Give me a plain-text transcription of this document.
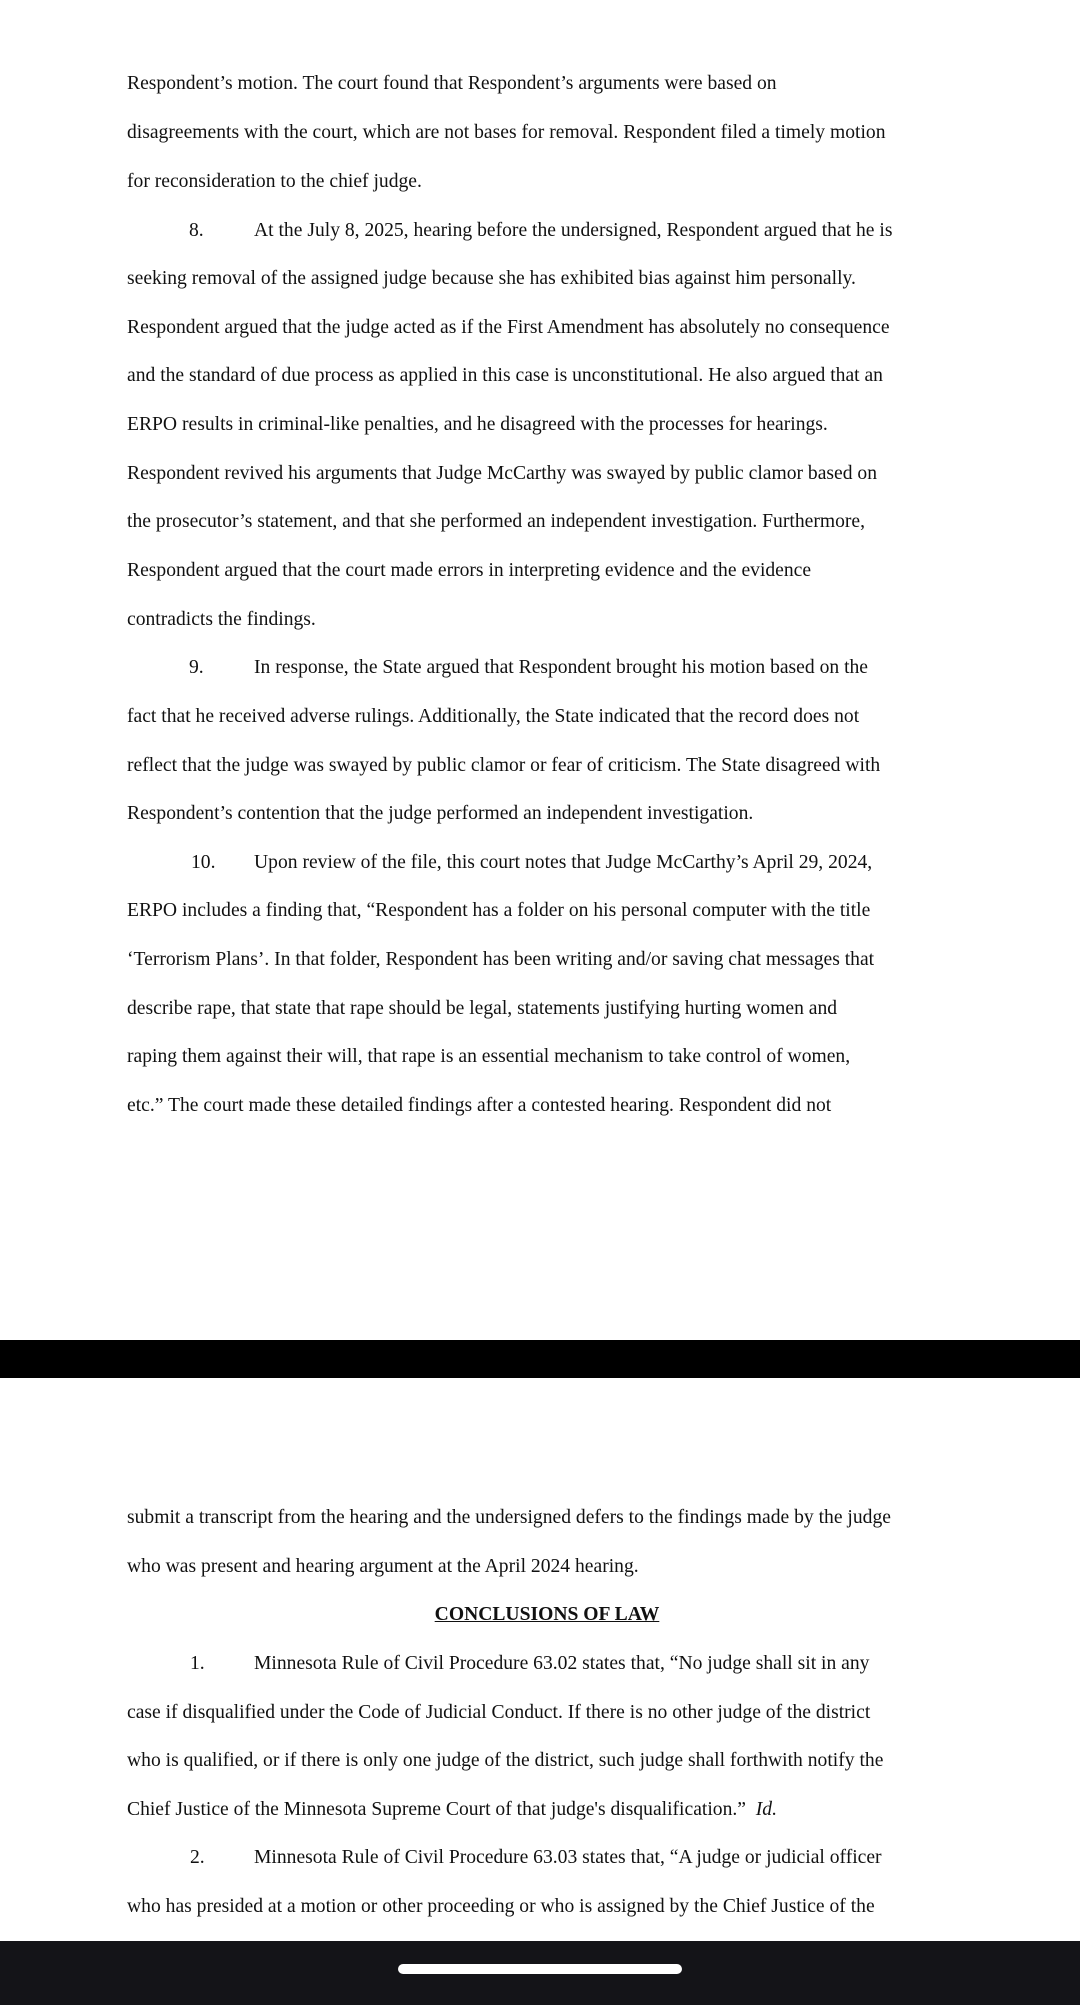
Respondent’s motion. The court found that Respondent’s arguments were based on
disagreements with the court, which are not bases for removal. Respondent filed a timely motion
for reconsideration to the chief judge.
8.	At the July 8, 2025, hearing before the undersigned, Respondent argued that he is
seeking removal of the assigned judge because she has exhibited bias against him personally.
Respondent argued that the judge acted as if the First Amendment has absolutely no consequence
and the standard of due process as applied in this case is unconstitutional. He also argued that an
ERPO results in criminal-like penalties, and he disagreed with the processes for hearings.
Respondent revived his arguments that Judge McCarthy was swayed by public clamor based on
the prosecutor’s statement, and that she performed an independent investigation. Furthermore,
Respondent argued that the court made errors in interpreting evidence and the evidence
contradicts the findings.
9.	In response, the State argued that Respondent brought his motion based on the
fact that he received adverse rulings. Additionally, the State indicated that the record does not
reflect that the judge was swayed by public clamor or fear of criticism. The State disagreed with
Respondent’s contention that the judge performed an independent investigation.
10. Upon review of the file, this court notes that Judge McCarthy’s April 29, 2024,
ERPO includes a finding that, “Respondent has a folder on his personal computer with the title
‘Terrorism Plans’. In that folder, Respondent has been writing and/or saving chat messages that
describe rape, that state that rape should be legal, statements justifying hurting women and
raping them against their will, that rape is an essential mechanism to take control of women,
etc.” The court made these detailed findings after a contested hearing. Respondent did not
submit a transcript from the hearing and the undersigned defers to the findings made by the judge
who was present and hearing argument at the April 2024 hearing.
CONCLUSIONS OF LAW
1.	Minnesota Rule of Civil Procedure 63.02 states that, “No judge shall sit in any
case if disqualified under the Code of Judicial Conduct. If there is no other judge of the district
who is qualified, or if there is only one judge of the district, such judge shall forthwith notify the
Chief Justice of the Minnesota Supreme Court of that judge's disqualification.” Id.
2.	Minnesota Rule of Civil Procedure 63.03 states that, “A judge or judicial officer
who has presided at a motion or other proceeding or who is assigned by the Chief Justice of the
